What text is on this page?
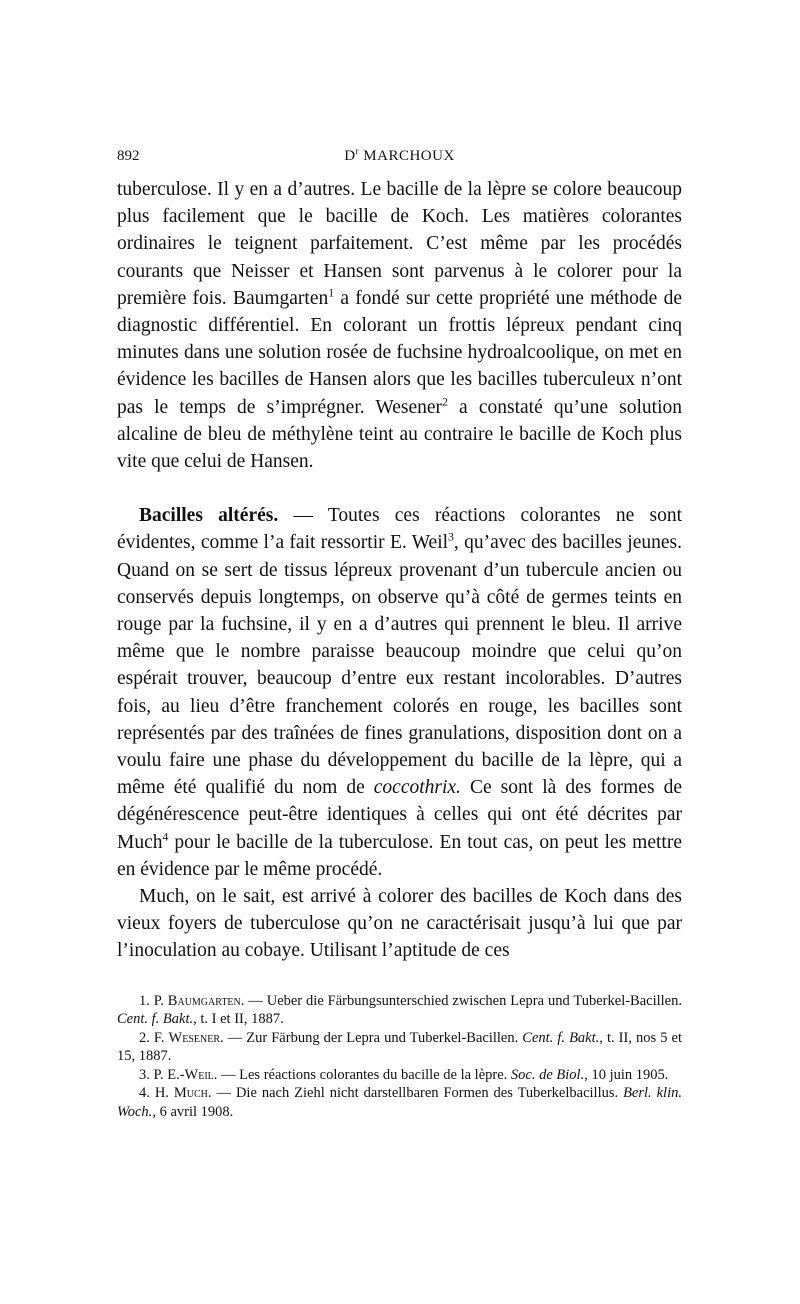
892	$D^r$ MARCHOUX

tuberculose. Il y en a d’autres. Le bacille de la lèpre se colore beaucoup plus facilement que le bacille de Koch. Les matières colorantes ordinaires le teignent parfaitement. C’est même par les procédés courants que Neisser et Hansen sont parvenus à le colorer pour la première fois. Baumgarten$^1$ a fondé sur cette propriété une méthode de diagnostic différentiel. En colorant un frottis lépreux pendant cinq minutes dans une solution rosée de fuchsine hydroalcoolique, on met en évidence les bacilles de Hansen alors que les bacilles tuberculeux n’ont pas le temps de s’imprégner. Wesener$^2$ a constaté qu’une solution alcaline de bleu de méthylène teint au contraire le bacille de Koch plus vite que celui de Hansen.

Bacilles altérés. — Toutes ces réactions colorantes ne sont évidentes, comme l’a fait ressortir E. Weil$^3$, qu’avec des bacilles jeunes. Quand on se sert de tissus lépreux provenant d’un tubercule ancien ou conservés depuis longtemps, on observe qu’à côté de germes teints en rouge par la fuchsine, il y en a d’autres qui prennent le bleu. Il arrive même que le nombre paraisse beaucoup moindre que celui qu’on espérait trouver, beaucoup d’entre eux restant incolorables. D’autres fois, au lieu d’être franchement colorés en rouge, les bacilles sont représentés par des traînées de fines granulations, disposition dont on a voulu faire une phase du développement du bacille de la lèpre, qui a même été qualifié du nom de coccothrix. Ce sont là des formes de dégénérescence peut-être identiques à celles qui ont été décrites par Much$^4$ pour le bacille de la tuberculose. En tout cas, on peut les mettre en évidence par le même procédé.

Much, on le sait, est arrivé à colorer des bacilles de Koch dans des vieux foyers de tuberculose qu’on ne caractérisait jusqu’à lui que par l’inoculation au cobaye. Utilisant l’aptitude de ces

1. P. Baumgarten. — Ueber die Färbungsunterschied zwischen Lepra und Tuberkel-Bacillen. Cent. f. Bakt., t. I et II, 1887.

2. F. Wesener. — Zur Färbung der Lepra und Tuberkel-Bacillen. Cent. f. Bakt., t. II, nos 5 et 15, 1887.

3. P. E.-Weil. — Les réactions colorantes du bacille de la lèpre. Soc. de Biol., 10 juin 1905.

4. H. Much. — Die nach Ziehl nicht darstellbaren Formen des Tuberkelbacillus. Berl. klin. Woch., 6 avril 1908.
